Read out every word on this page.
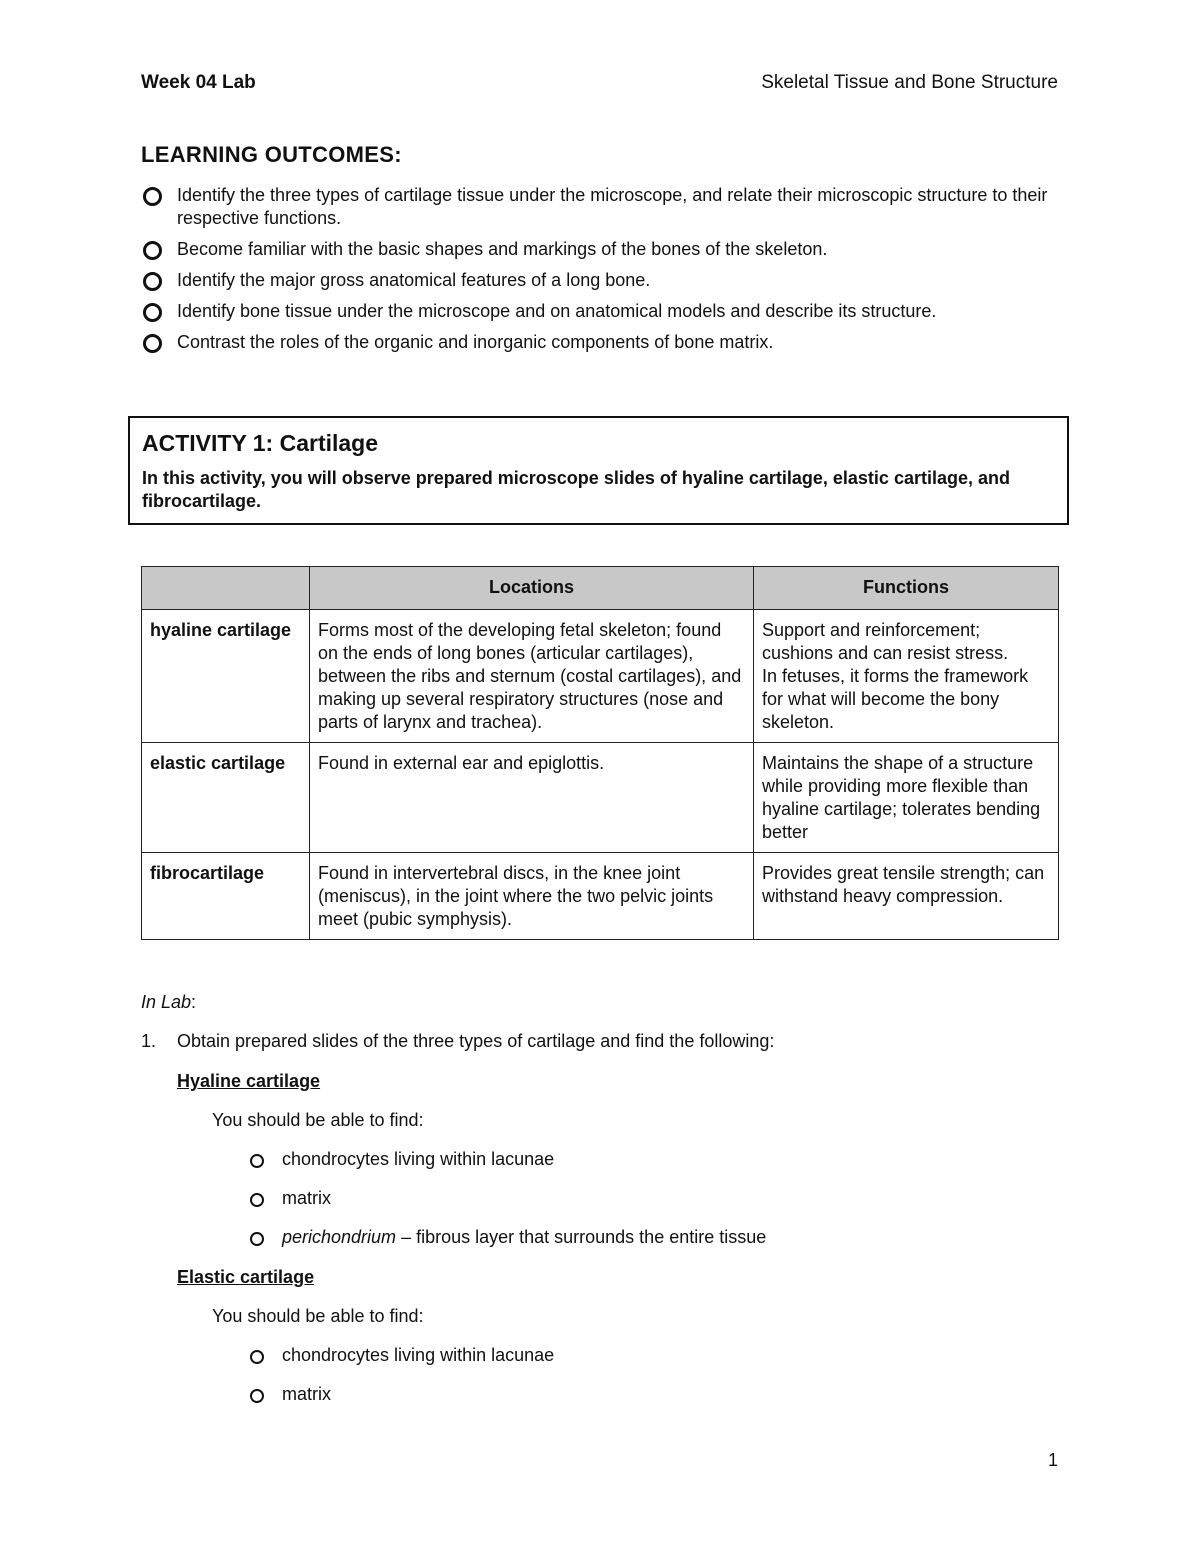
Week 04 Lab	Skeletal Tissue and Bone Structure
LEARNING OUTCOMES:
Identify the three types of cartilage tissue under the microscope, and relate their microscopic structure to their respective functions.
Become familiar with the basic shapes and markings of the bones of the skeleton.
Identify the major gross anatomical features of a long bone.
Identify bone tissue under the microscope and on anatomical models and describe its structure.
Contrast the roles of the organic and inorganic components of bone matrix.
ACTIVITY 1: Cartilage
In this activity, you will observe prepared microscope slides of hyaline cartilage, elastic cartilage, and fibrocartilage.
	Locations	Functions
hyaline cartilage	Forms most of the developing fetal skeleton; found on the ends of long bones (articular cartilages), between the ribs and sternum (costal cartilages), and making up several respiratory structures (nose and parts of larynx and trachea).	Support and reinforcement; cushions and can resist stress.
In fetuses, it forms the framework for what will become the bony skeleton.

elastic cartilage	Found in external ear and epiglottis.	Maintains the shape of a structure while providing more flexible than hyaline cartilage; tolerates bending better

fibrocartilage	Found in intervertebral discs, in the knee joint (meniscus), in the joint where the two pelvic joints meet (pubic symphysis).	Provides great tensile strength; can withstand heavy compression.
In Lab:
1. Obtain prepared slides of the three types of cartilage and find the following:
Hyaline cartilage
You should be able to find:
chondrocytes living within lacunae
matrix
perichondrium – fibrous layer that surrounds the entire tissue
Elastic cartilage
You should be able to find:
chondrocytes living within lacunae
matrix
1
